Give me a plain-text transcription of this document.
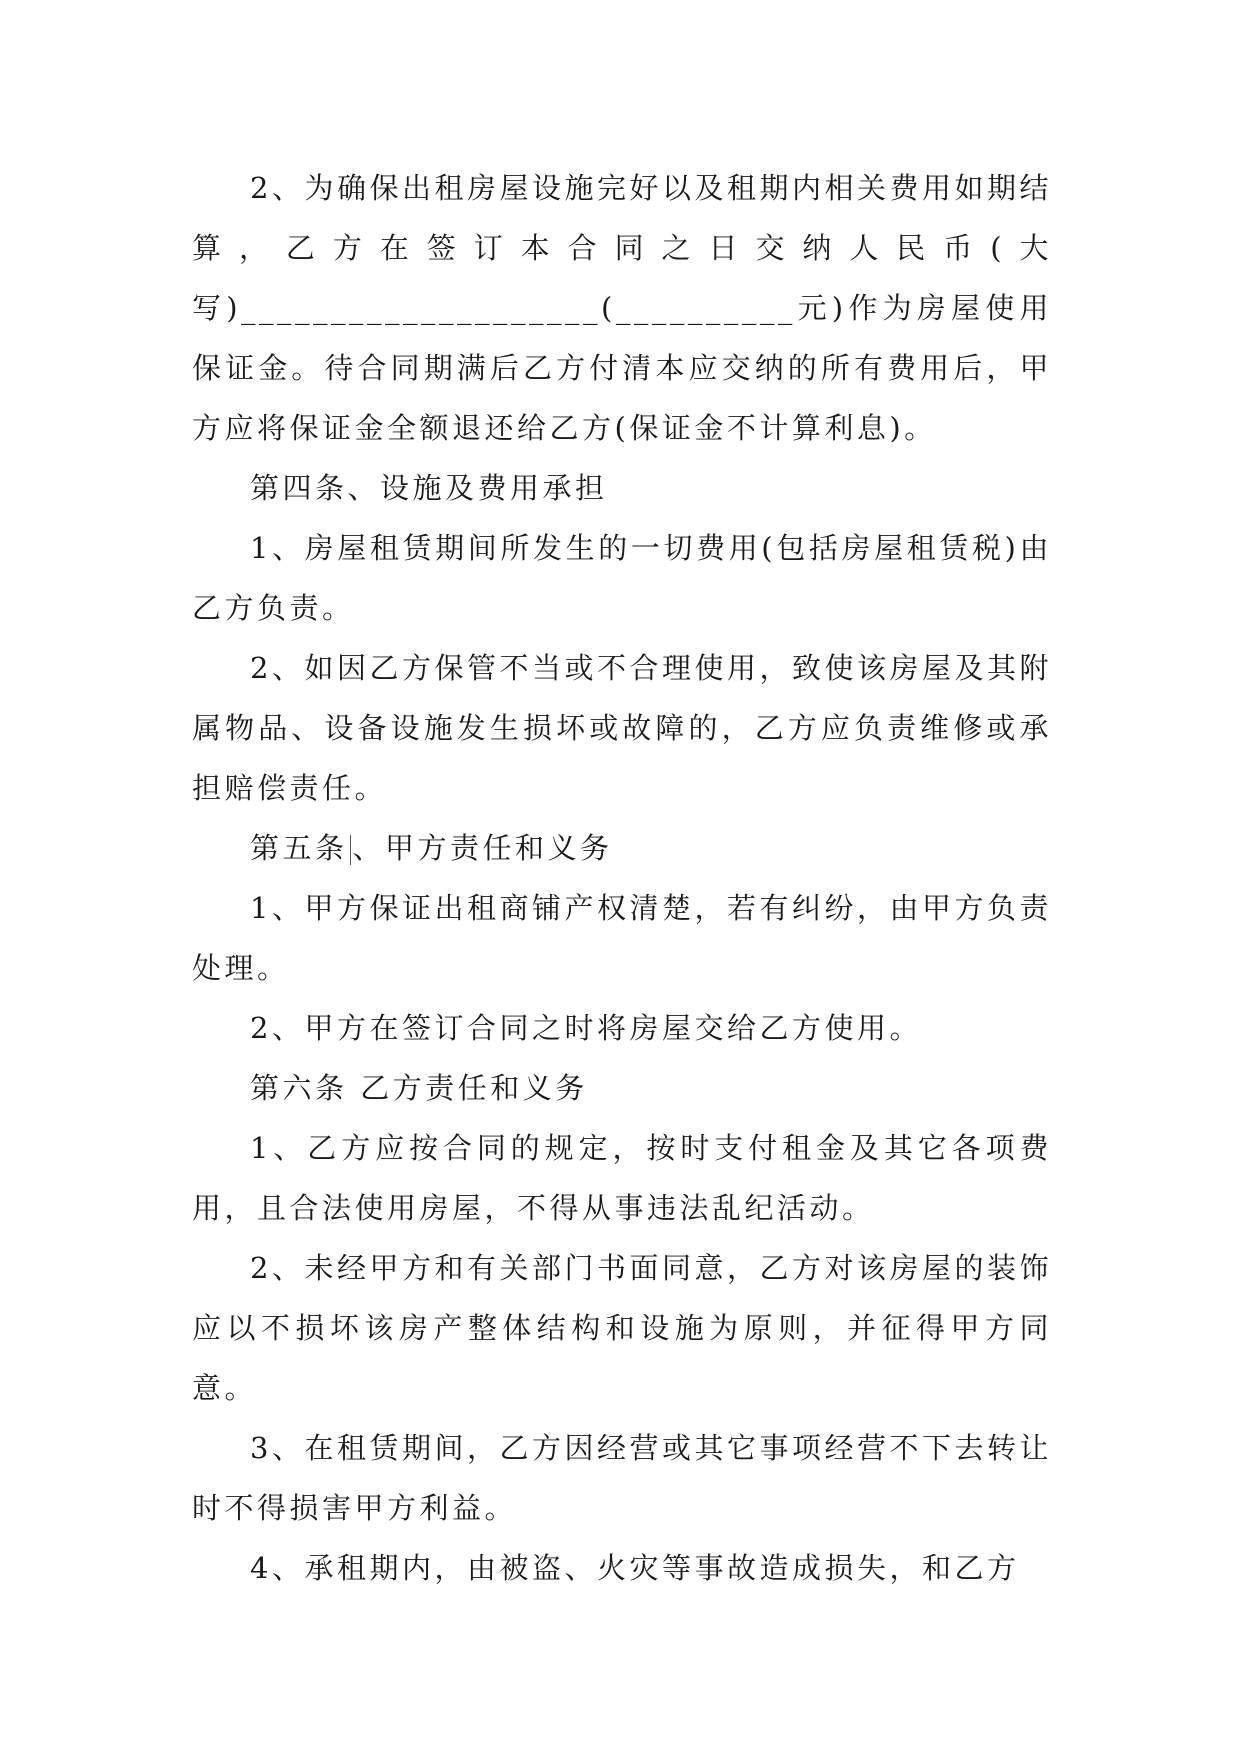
2、为确保出租房屋设施完好以及租期内相关费用如期结算，乙方在签订本合同之日交纳人民币(大写)____________________(__________元)作为房屋使用保证金。待合同期满后乙方付清本应交纳的所有费用后，甲方应将保证金全额退还给乙方(保证金不计算利息)。

第四条、设施及费用承担

1、房屋租赁期间所发生的一切费用(包括房屋租赁税)由乙方负责。

2、如因乙方保管不当或不合理使用，致使该房屋及其附属物品、设备设施发生损坏或故障的，乙方应负责维修或承担赔偿责任。

第五条 、甲方责任和义务

1、甲方保证出租商铺产权清楚，若有纠纷，由甲方负责处理。

2、甲方在签订合同之时将房屋交给乙方使用。

第六条 乙方责任和义务

1、乙方应按合同的规定，按时支付租金及其它各项费用，且合法使用房屋，不得从事违法乱纪活动。

2、未经甲方和有关部门书面同意，乙方对该房屋的装饰应以不损坏该房产整体结构和设施为原则，并征得甲方同意。

3、在租赁期间，乙方因经营或其它事项经营不下去转让时不得损害甲方利益。

4、承租期内，由被盗、火灾等事故造成损失，和乙方
